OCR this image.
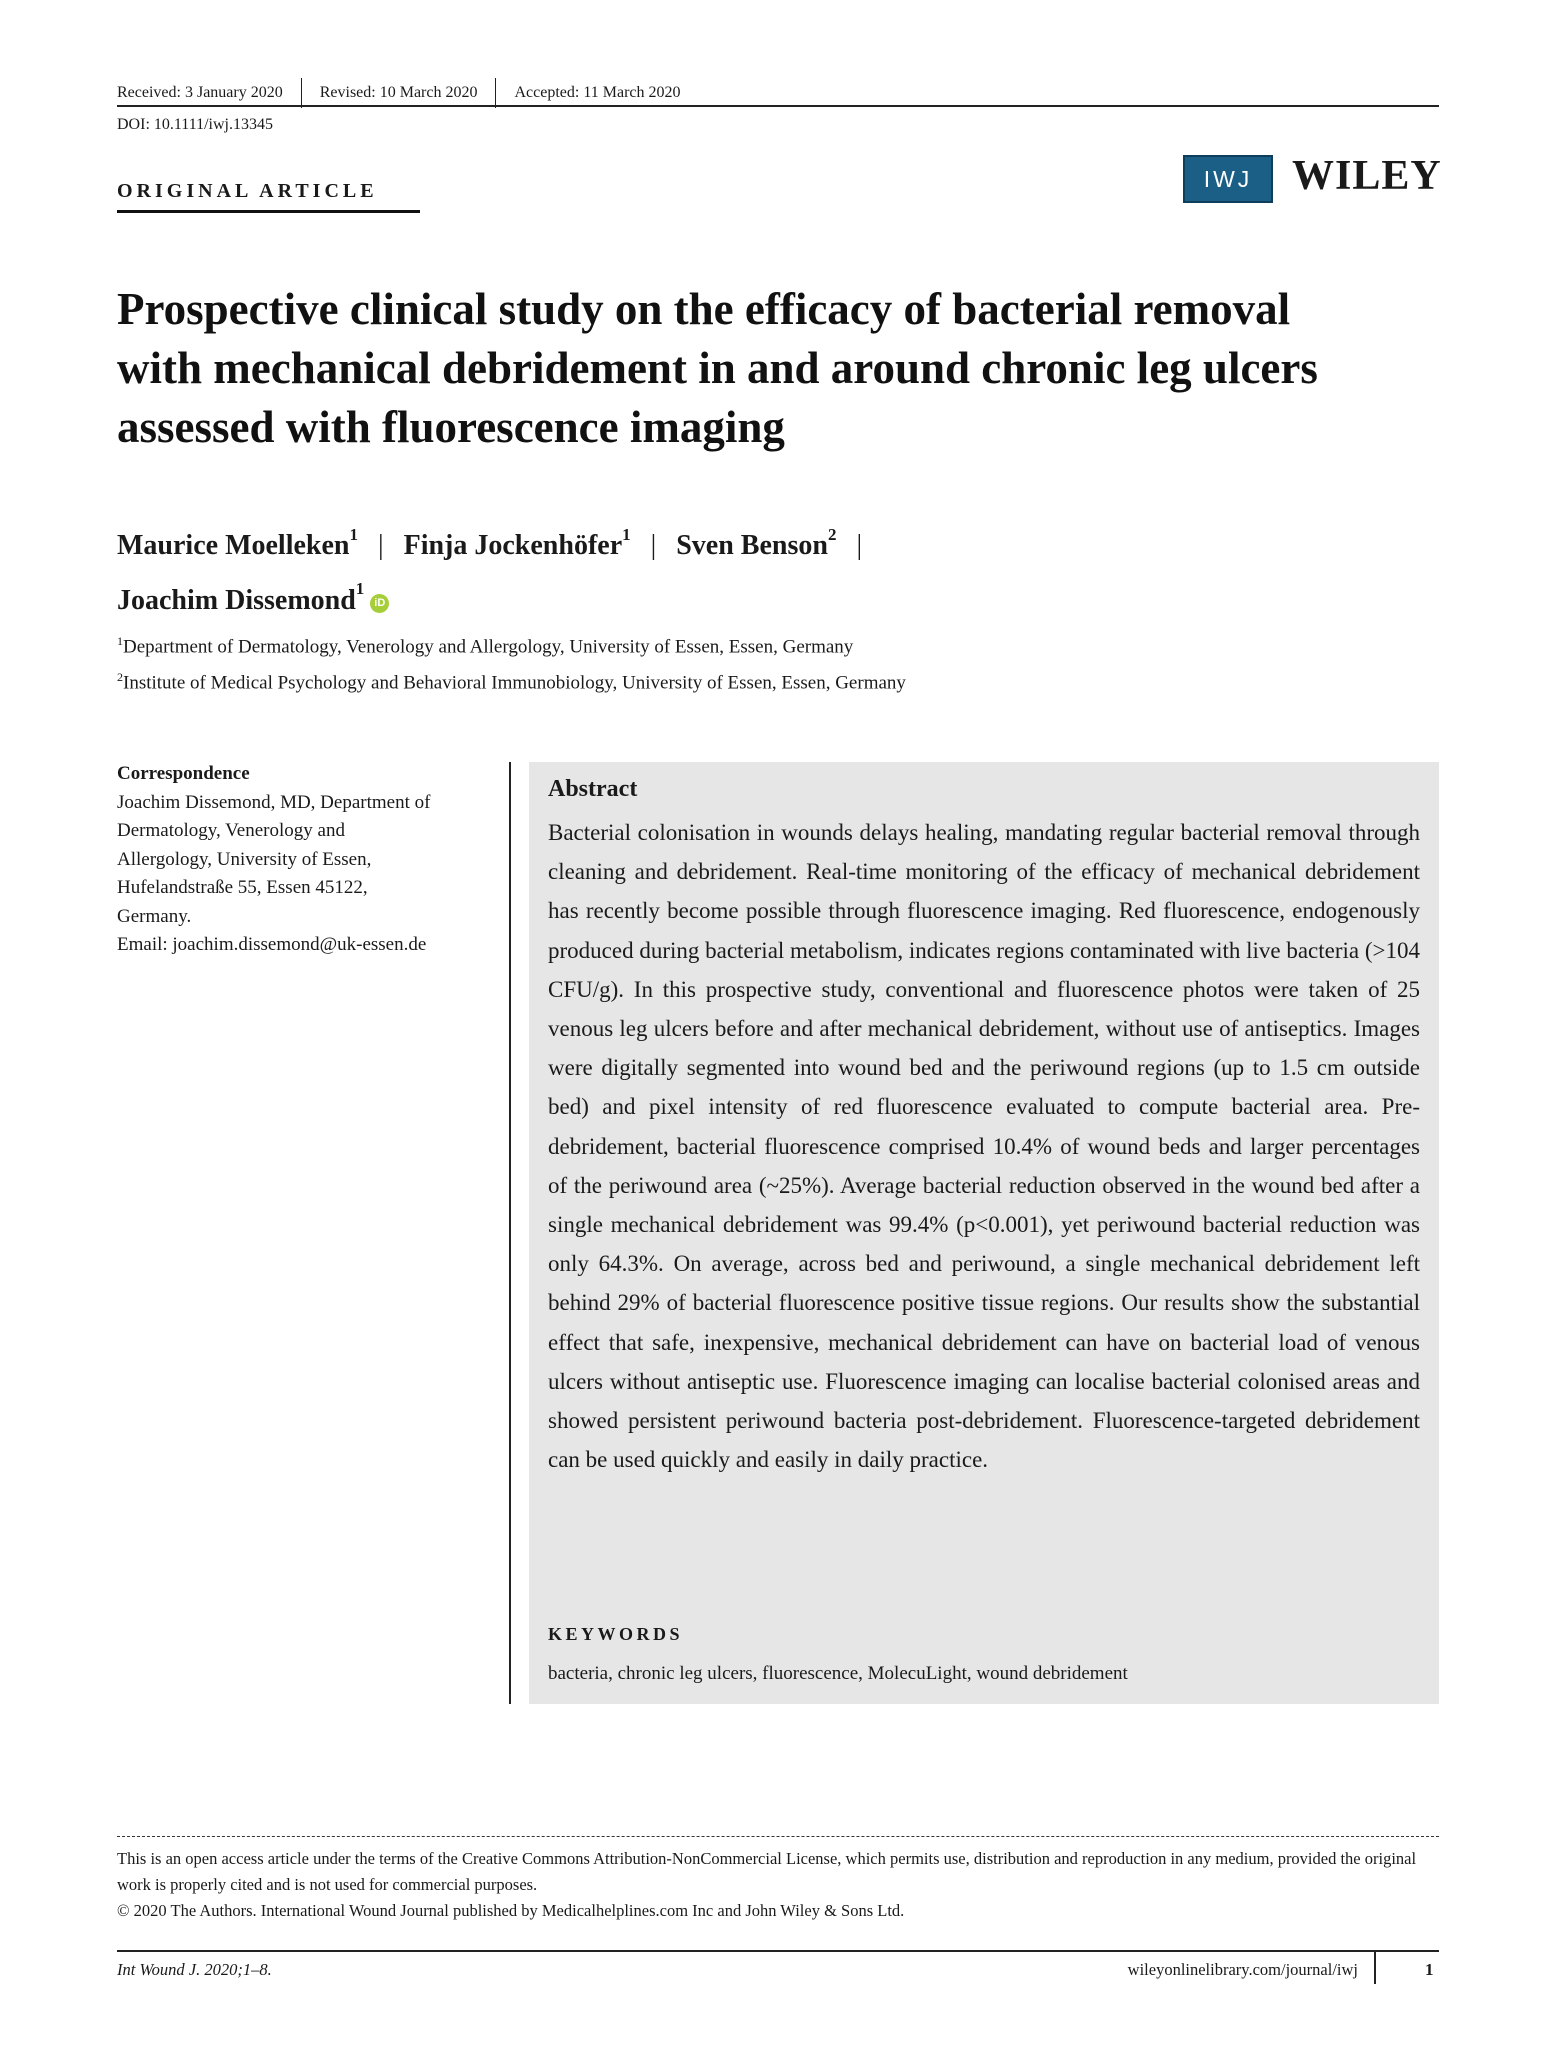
Received: 3 January 2020 Revised: 10 March 2020 Accepted: 11 March 2020
DOI: 10.1111/iwj.13345
ORIGINAL ARTICLE	IWJ WILEY
Prospective clinical study on the efficacy of bacterial removal with mechanical debridement in and around chronic leg ulcers assessed with fluorescence imaging
Maurice Moelleken$^1$ | Finja Jockenhöfer$^1$ | Sven Benson$^2$ |
Joachim Dissemond$^1$iD
$^1$Department of Dermatology, Venerology and Allergology, University of Essen, Essen, Germany
$^2$Institute of Medical Psychology and Behavioral Immunobiology, University of Essen, Essen, Germany
Correspondence
Joachim Dissemond, MD, Department of
Dermatology, Venerology and
Allergology, University of Essen,
Hufelandstraße 55, Essen 45122,
Germany.
Email: joachim.dissemond@uk-essen.de
Abstract
Bacterial colonisation in wounds delays healing, mandating regular bacterial removal through cleaning and debridement. Real-time monitoring of the efficacy of mechanical debridement has recently become possible through fluorescence imaging. Red fluorescence, endogenously produced during bacterial metabolism, indicates regions contaminated with live bacteria (>104 CFU/g). In this prospective study, conventional and fluorescence photos were taken of 25 venous leg ulcers before and after mechanical debridement, without use of antiseptics. Images were digitally segmented into wound bed and the periwound regions (up to 1.5 cm outside bed) and pixel intensity of red fluorescence evaluated to compute bacterial area. Pre-debridement, bacterial fluorescence comprised 10.4% of wound beds and larger percentages of the periwound area (~25%). Average bacterial reduction observed in the wound bed after a single mechanical debridement was 99.4% (p<0.001), yet periwound bacterial reduction was only 64.3%. On average, across bed and periwound, a single mechanical debridement left behind 29% of bacterial fluorescence positive tissue regions. Our results show the substantial effect that safe, inexpensive, mechanical debridement can have on bacterial load of venous ulcers without antiseptic use. Fluorescence imaging can localise bacterial colonised areas and showed persistent periwound bacteria post-debridement. Fluorescence-targeted debridement can be used quickly and easily in daily practice.
KEYWORDS
bacteria, chronic leg ulcers, fluorescence, MolecuLight, wound debridement
This is an open access article under the terms of the Creative Commons Attribution-NonCommercial License, which permits use, distribution and reproduction in any medium, provided the original work is properly cited and is not used for commercial purposes.
© 2020 The Authors. International Wound Journal published by Medicalhelplines.com Inc and John Wiley & Sons Ltd.
Int Wound J. 2020;1–8.	wileyonlinelibrary.com/journal/iwj	1
